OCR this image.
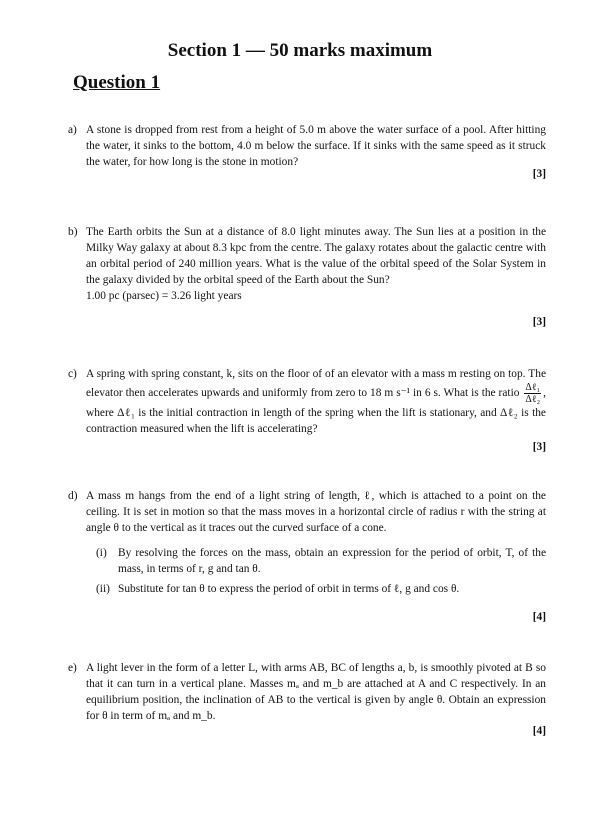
Section 1 — 50 marks maximum
Question 1
a) A stone is dropped from rest from a height of 5.0 m above the water surface of a pool. After hitting the water, it sinks to the bottom, 4.0 m below the surface. If it sinks with the same speed as it struck the water, for how long is the stone in motion?
[3]
b) The Earth orbits the Sun at a distance of 8.0 light minutes away. The Sun lies at a position in the Milky Way galaxy at about 8.3 kpc from the centre. The galaxy rotates about the galactic centre with an orbital period of 240 million years. What is the value of the orbital speed of the Solar System in the galaxy divided by the orbital speed of the Earth about the Sun?
1.00 pc (parsec) = 3.26 light years
[3]
c) A spring with spring constant, k, sits on the floor of of an elevator with a mass m resting on top. The elevator then accelerates upwards and uniformly from zero to 18 m s⁻¹ in 6 s. What is the ratio $\frac{\text{Δℓ₁}}{\text{Δℓ₂}}$ , where Δℓ₁ is the initial contraction in length of the spring when the lift is stationary, and Δℓ₂ is the contraction measured when the lift is accelerating?
[3]
d) A mass m hangs from the end of a light string of length, ℓ, which is attached to a point on the ceiling. It is set in motion so that the mass moves in a horizontal circle of radius r with the string at angle θ to the vertical as it traces out the curved surface of a cone.
(i) By resolving the forces on the mass, obtain an expression for the period of orbit, T, of the mass, in terms of r, g and tan θ.
(ii) Substitute for tan θ to express the period of orbit in terms of ℓ, g and cos θ.
[4]
e) A light lever in the form of a letter L, with arms AB, BC of lengths a, b, is smoothly pivoted at B so that it can turn in a vertical plane. Masses mₐ and m_b are attached at A and C respectively. In an equilibrium position, the inclination of AB to the vertical is given by angle θ. Obtain an expression for θ in term of mₐ and m_b.
[4]
